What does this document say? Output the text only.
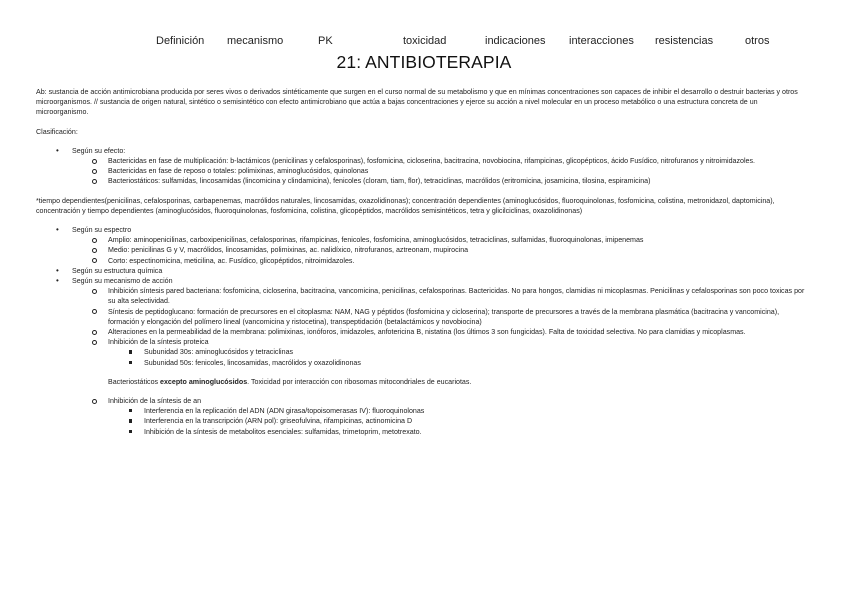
Definición mecanismo	PK	toxicidad	indicaciones interacciones resistencias	otros
21: ANTIBIOTERAPIA

Ab: sustancia de acción antimicrobiana producida por seres vivos o derivados sintéticamente que surgen en el curso normal de su metabolismo y que en mínimas concentraciones son capaces de inhibir el desarrollo o destruir bacterias y otros microorganismos. // sustancia de origen natural, sintético o semisintético con efecto antimicrobiano que actúa a bajas concentraciones y ejerce su acción a nivel molecular en un proceso metabólico o una estructura concreta de un microorganismo.

Clasificación:

• Según su efecto:
Bactericidas en fase de multiplicación: b-lactámicos (penicilinas y cefalosporinas), fosfomicina, cicloserina, bacitracina, novobiocina, rifampicinas, glicopépticos, ácido Fusídico, nitrofuranos y nitroimidazoles.
Bactericidas en fase de reposo o totales: polimixinas, aminoglucósidos, quinolonas
Bacteriostáticos: sulfamidas, lincosamidas (lincomicina y clindamicina), fenicoles (cloram, tiam, flor), tetraciclinas, macrólidos (eritromicina, josamicina, tilosina, espiramicina)

*tiempo dependientes(penicilinas, cefalosporinas, carbapenemas, macrólidos naturales, lincosamidas, oxazolidinonas); concentración dependientes (aminoglucósidos, fluoroquinolonas, fosfomicina, colistina, metronidazol, daptomicina), concentración y tiempo dependientes (aminoglucósidos, fluoroquinolonas, fosfomicina, colistina, glicopéptidos, macrólidos semisintéticos, tetra y glicilciclinas, oxazolidinonas)

• Según su espectro
Amplio: aminopenicilinas, carboxipenicilinas, cefalosporinas, rifampicinas, fenicoles, fosfomicina, aminoglucósidos, tetraciclinas, sulfamidas, fluoroquinolonas, imipenemas
Medio: penicilinas G y V, macrólidos, lincosamidas, polimixinas, ac. nalidíxico, nitrofuranos, aztreonam, mupirocina
Corto: espectinomicina, meticilina, ac. Fusídico, glicopéptidos, nitroimidazoles.
• Según su estructura química
• Según su mecanismo de acción
Inhibición síntesis pared bacteriana: fosfomicina, cicloserina, bacitracina, vancomicina, penicilinas, cefalosporinas. Bactericidas. No para hongos, clamidias ni micoplasmas. Penicilinas y cefalosporinas son poco toxicas por su alta selectividad.
Síntesis de peptidoglucano: formación de precursores en el citoplasma: NAM, NAG y péptidos (fosfomicina y cicloserina); transporte de precursores a través de la membrana plasmática (bacitracina y vancomicina), formación y elongación del polímero lineal (vancomicina y ristocetina), transpeptidación (betalactámicos y novobiocina)
Alteraciones en la permeabilidad de la membrana: polimixinas, ionóforos, imidazoles, anfotericina B, nistatina (los últimos 3 son fungicidas). Falta de toxicidad selectiva. No para clamidias y micoplasmas.
Inhibición de la síntesis proteica
Subunidad 30s: aminoglucósidos y tetraciclinas
Subunidad 50s: fenicoles, lincosamidas, macrólidos y oxazolidinonas

Bacteriostáticos excepto aminoglucósidos. Toxicidad por interacción con ribosomas mitocondriales de eucariotas.

Inhibición de la síntesis de an
Interferencia en la replicación del ADN (ADN girasa/topoisomerasas IV): fluoroquinolonas
Interferencia en la transcripción (ARN pol): griseofulvina, rifampicinas, actinomicina D
Inhibición de la síntesis de metabolitos esenciales: sulfamidas, trimetoprim, metotrexato.
